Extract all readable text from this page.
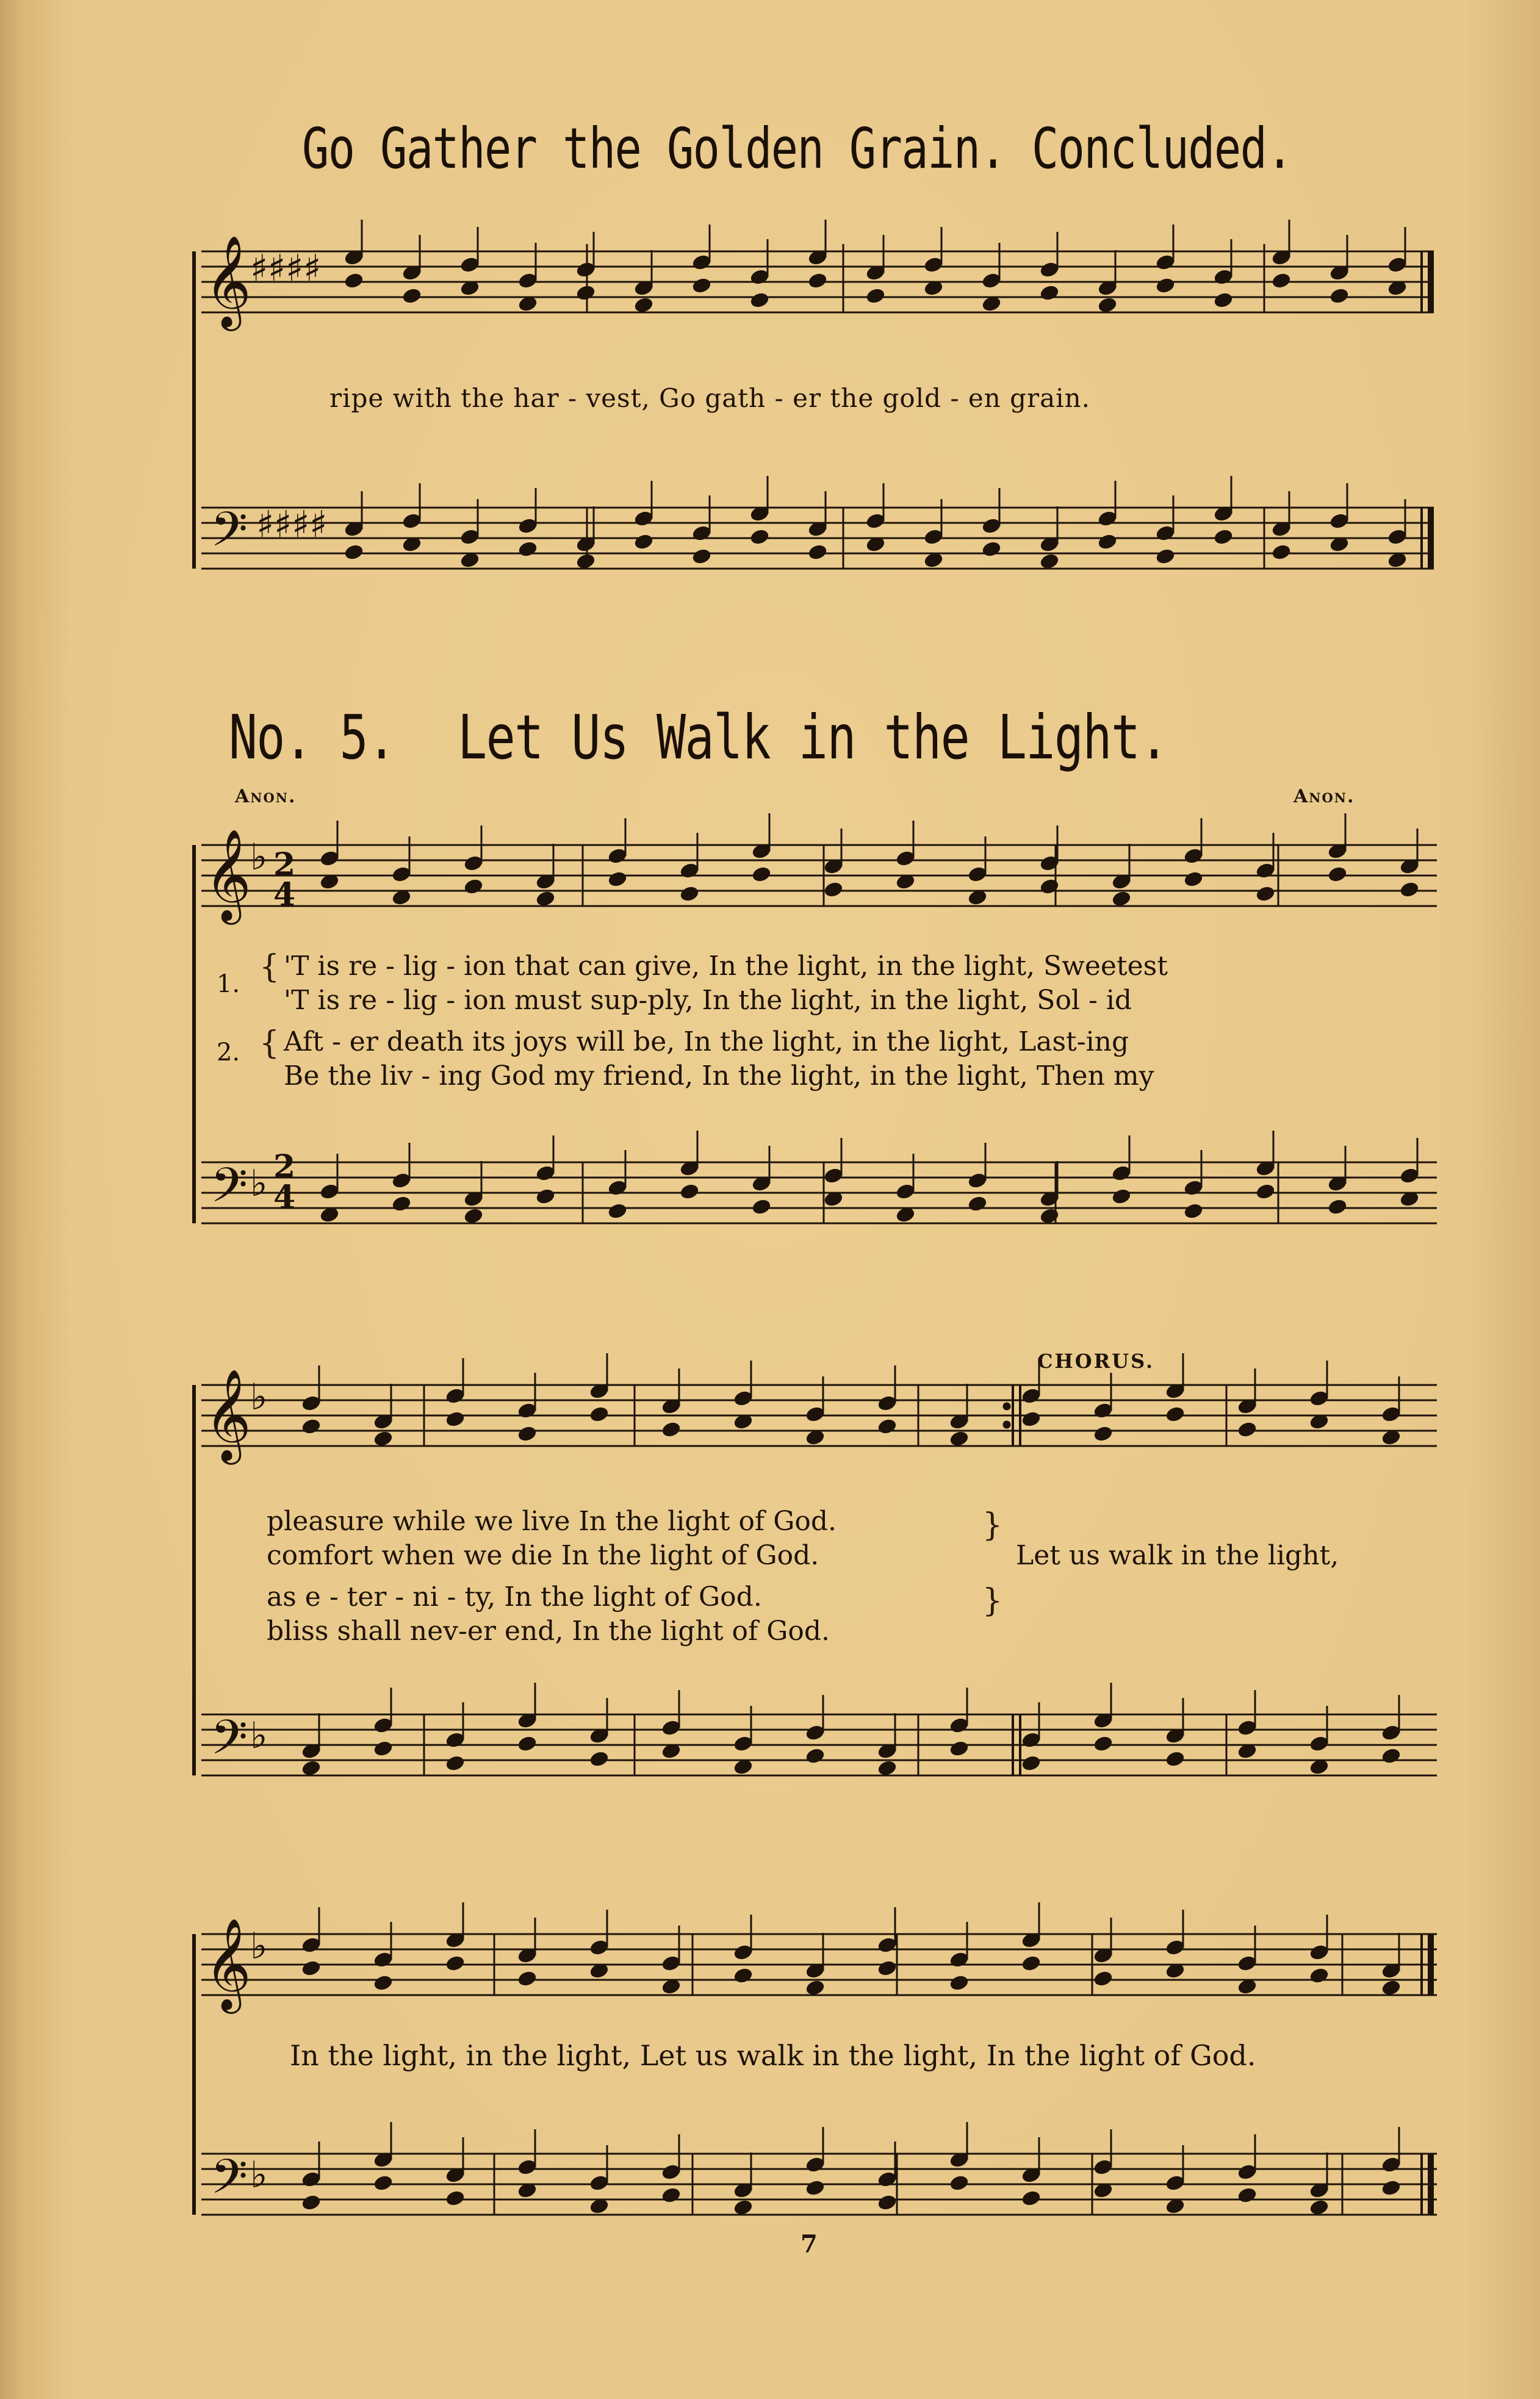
𝄞
𝄢
♯♯♯♯
♯♯♯♯
𝄞
♭ 2
4
𝄢 ♭ 2
4
𝄞
♭
𝄢 ♭
𝄞
♭
𝄢 ♭
Go Gather the Golden Grain. Concluded.
ripe with the har - vest, Go gath - er the gold - en grain.
No. 5. Let Us Walk in the Light.
Anon.	Anon.
1. { 'T is re - lig - ion that can give, In the light, in the light, Sweetest
'T is re - lig - ion must sup-ply, In the light, in the light, Sol - id
2. { Aft - er death its joys will be, In the light, in the light, Last-ing
Be the liv - ing God my friend, In the light, in the light, Then my
CHORUS.
pleasure while we live In the light of God.
comfort when we die In the light of God.
as e - ter - ni - ty, In the light of God.
bliss shall nev-er end, In the light of God.
}
}
Let us walk in the light,
In the light, in the light, Let us walk in the light, In the light of God.
7
